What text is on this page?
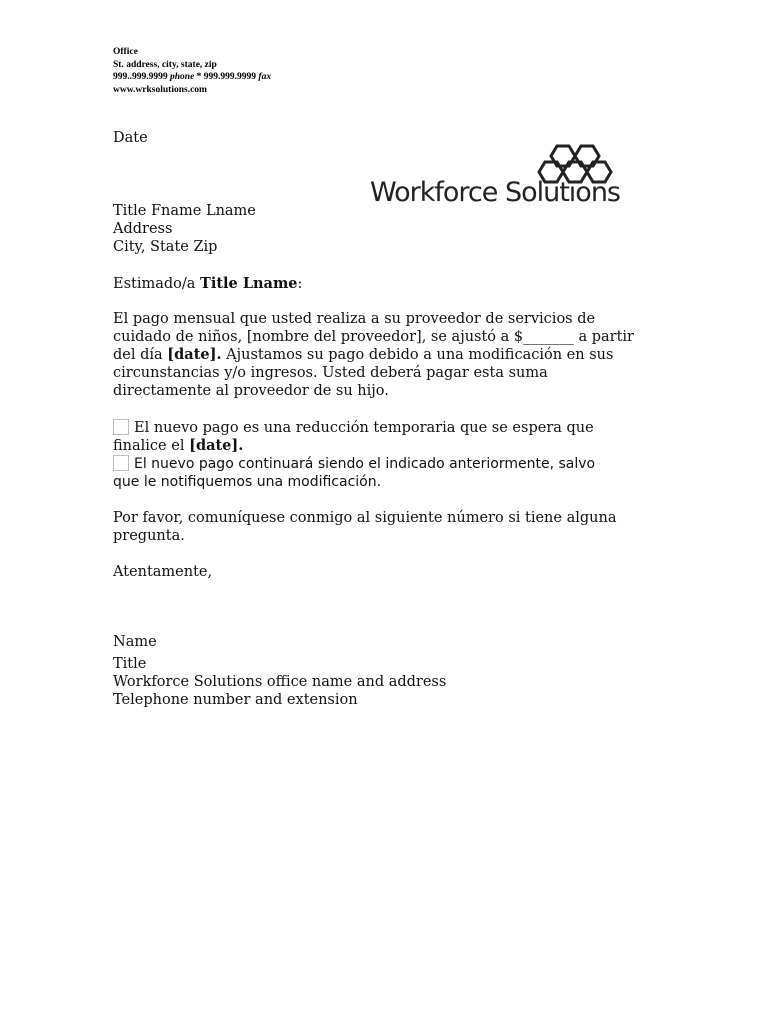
Office
St. address, city, state, zip
999..999.9999 phone * 999.999.9999 fax
www.wrksolutions.com
Workforce Solutions
Date
Title Fname Lname
Address
City, State Zip
Estimado/a Title Lname:
El pago mensual que usted realiza a su proveedor de servicios de
cuidado de niños, [nombre del proveedor], se ajustó a $_______ a partir
del día [date]. Ajustamos su pago debido a una modificación en sus
circunstancias y/o ingresos. Usted deberá pagar esta suma
directamente al proveedor de su hijo.
El nuevo pago es una reducción temporaria que se espera que
finalice el [date].
El nuevo pago continuará siendo el indicado anteriormente, salvo
que le notifiquemos una modificación.
Por favor, comuníquese conmigo al siguiente número si tiene alguna
pregunta.
Atentamente,
Name
Title
Workforce Solutions office name and address
Telephone number and extension
